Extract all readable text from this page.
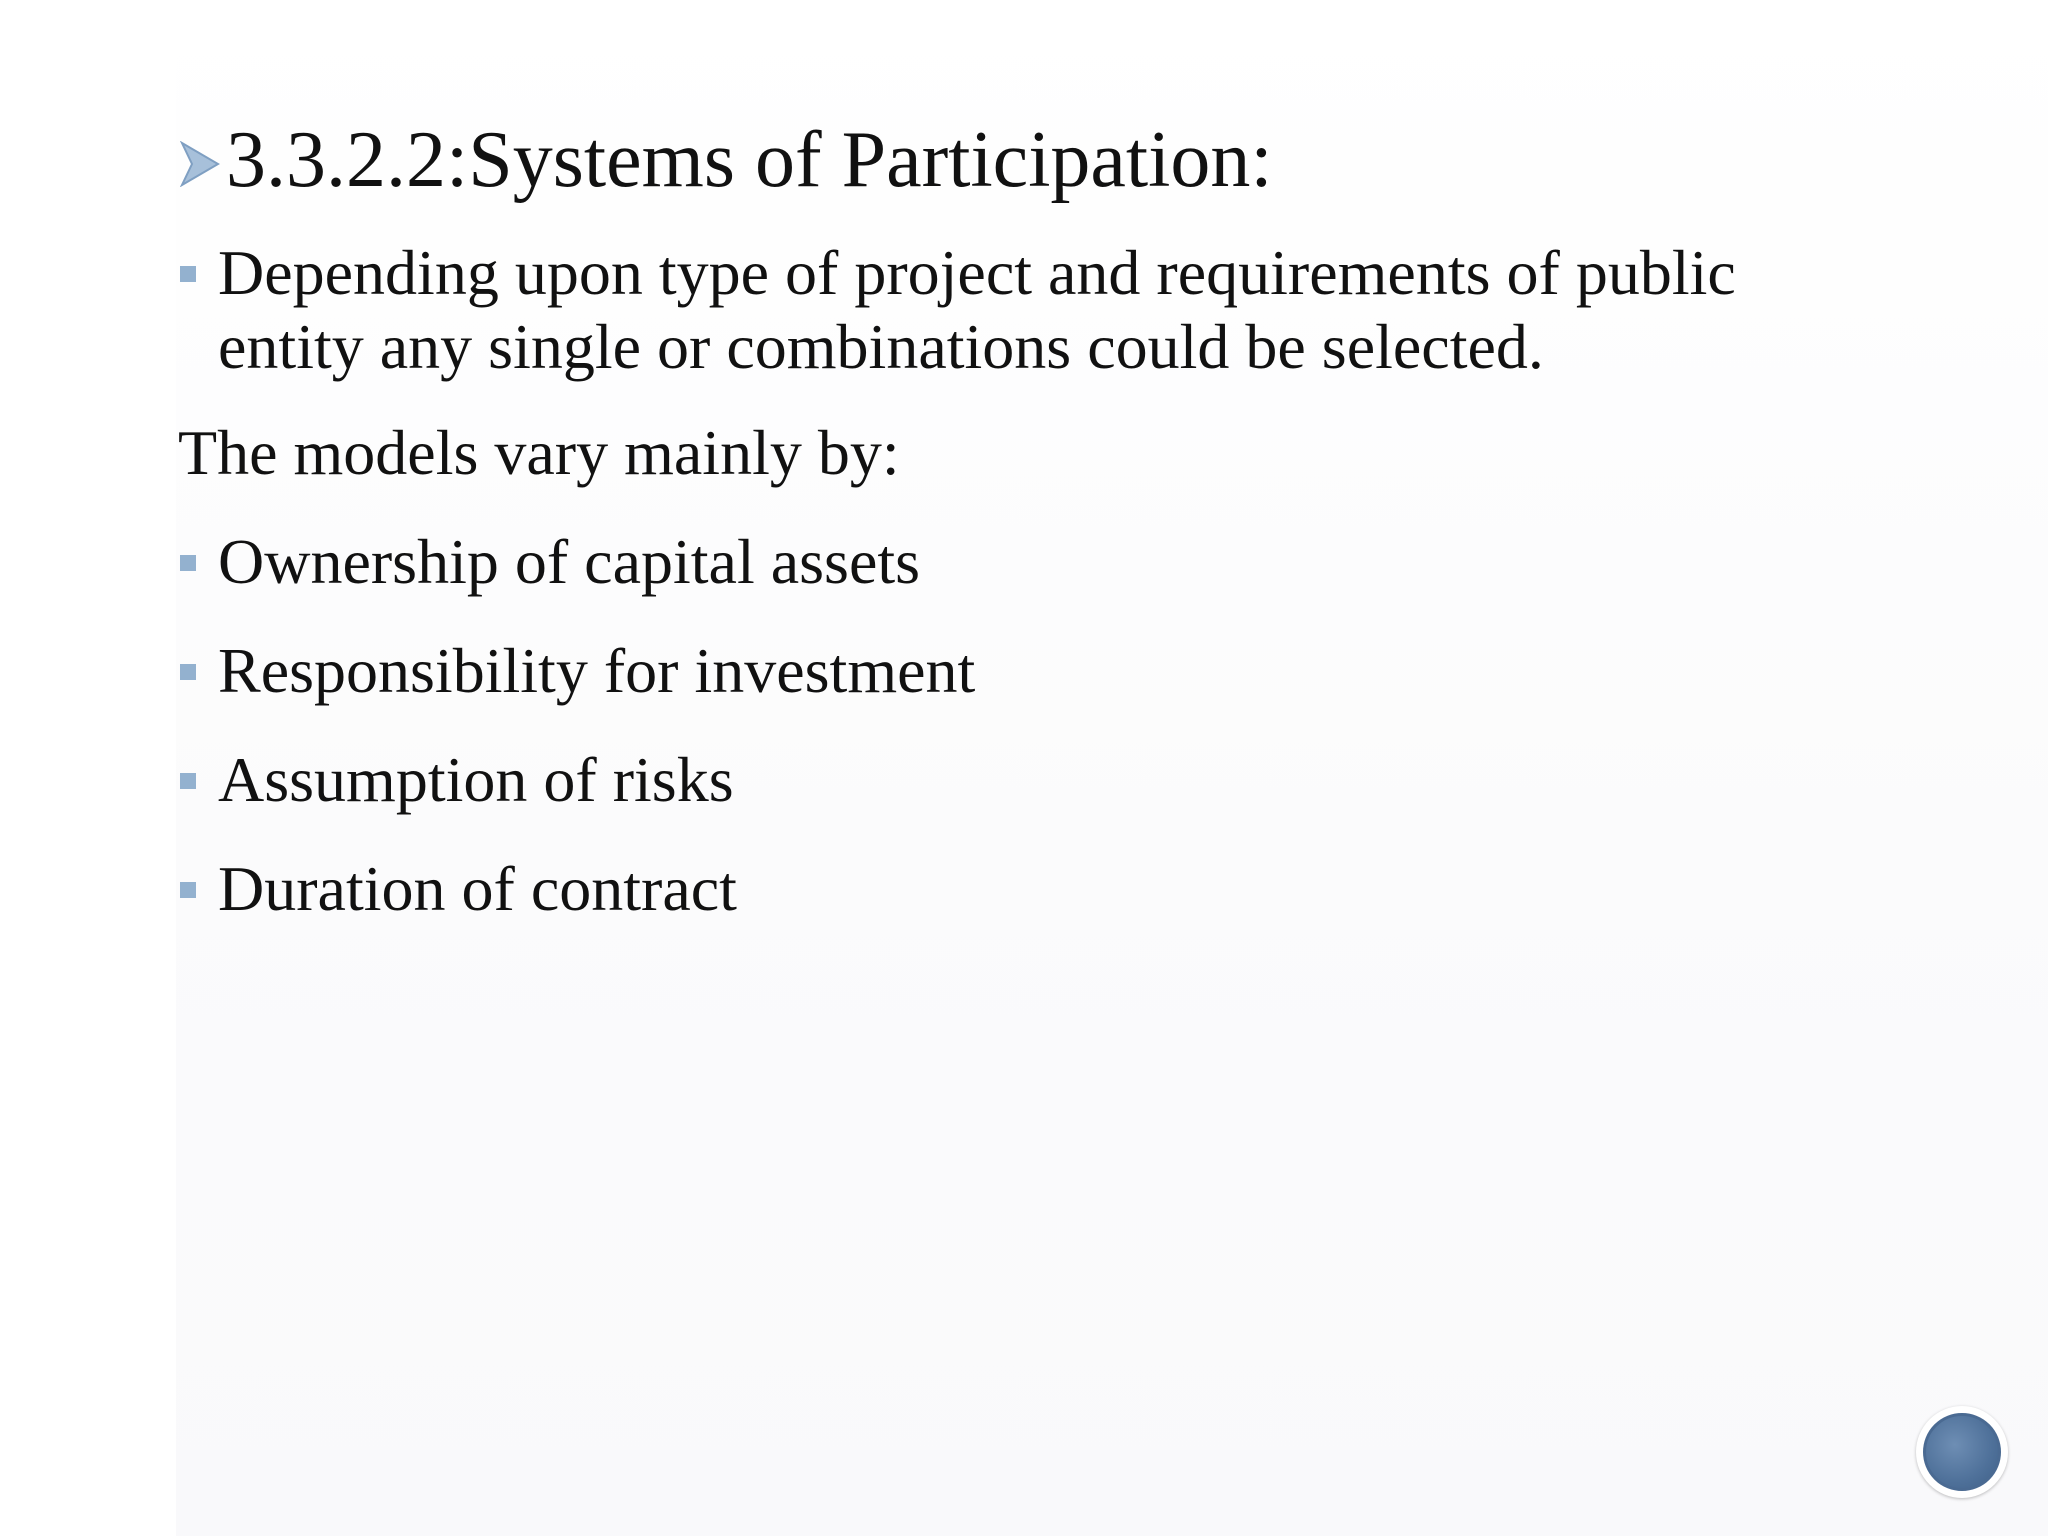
3.3.2.2:Systems of Participation:
Depending upon type of project and requirements of public
entity any single or combinations could be selected.
The models vary mainly by:
Ownership of capital assets
Responsibility for investment
Assumption of risks
Duration of contract
